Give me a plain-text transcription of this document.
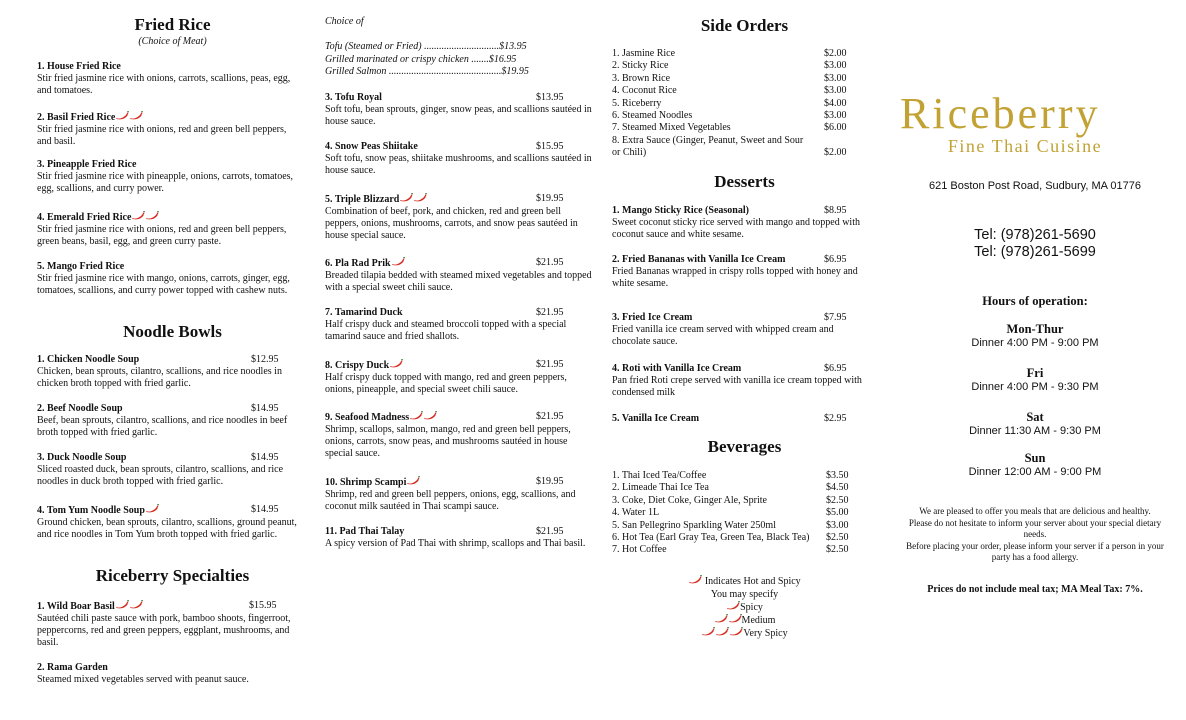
Fried Rice
(Choice of Meat)
1. House Fried Rice
Stir fried jasmine rice with onions, carrots, scallions, peas, egg, and tomatoes.
2. Basil Fried Rice
Stir fried jasmine rice with onions, red and green bell peppers, and basil.
3. Pineapple Fried Rice
Stir fried jasmine rice with pineapple, onions, carrots, tomatoes, egg, scallions, and curry power.
4. Emerald Fried Rice
Stir fried jasmine rice with onions, red and green bell peppers, green beans, basil, egg, and green curry paste.
5. Mango Fried Rice
Stir fried jasmine rice with mango, onions, carrots, ginger, egg, tomatoes, scallions, and curry power topped with cashew nuts.
Noodle Bowls
1. Chicken Noodle Soup	$12.95
Chicken, bean sprouts, cilantro, scallions, and rice noodles in chicken broth topped with fried garlic.
2. Beef Noodle Soup	$14.95
Beef, bean sprouts, cilantro, scallions, and rice noodles in beef broth topped with fried garlic.
3. Duck Noodle Soup	$14.95
Sliced roasted duck, bean sprouts, cilantro, scallions, and rice noodles in duck broth topped with fried garlic.
4. Tom Yum Noodle Soup	$14.95
Ground chicken, bean sprouts, cilantro, scallions, ground peanut, and rice noodles in Tom Yum broth topped with fried garlic.
Riceberry Specialties
1. Wild Boar Basil	$15.95
Sautéed chili paste sauce with pork, bamboo shoots, fingerroot, peppercorns, red and green peppers, eggplant, mushrooms, and basil.
2. Rama Garden
Steamed mixed vegetables served with peanut sauce.
Choice of
Tofu (Steamed or Fried) ..............................$13.95
Grilled marinated or crispy chicken .......$16.95
Grilled Salmon .............................................$19.95
3. Tofu Royal	$13.95
Soft tofu, bean sprouts, ginger, snow peas, and scallions sautéed in house sauce.
4. Snow Peas Shiitake	$15.95
Soft tofu, snow peas, shiitake mushrooms, and scallions sautéed in house sauce.
5. Triple Blizzard	$19.95
Combination of beef, pork, and chicken, red and green bell peppers, onions, mushrooms, carrots, and snow peas sautéed in house special sauce.
6. Pla Rad Prik	$21.95
Breaded tilapia bedded with steamed mixed vegetables and topped with a special sweet chili sauce.
7. Tamarind Duck	$21.95
Half crispy duck and steamed broccoli topped with a special tamarind sauce and fried shallots.
8. Crispy Duck	$21.95
Half crispy duck topped with mango, red and green peppers, onions, pineapple, and special sweet chili sauce.
9. Seafood Madness	$21.95
Shrimp, scallops, salmon, mango, red and green bell peppers, onions, carrots, snow peas, and mushrooms sautéed in house special sauce.
10. Shrimp Scampi	$19.95
Shrimp, red and green bell peppers, onions, egg, scallions, and coconut milk sautéed in Thai scampi sauce.
11. Pad Thai Talay	$21.95
A spicy version of Pad Thai with shrimp, scallops and Thai basil.
Side Orders
1. Jasmine Rice	$2.00
2. Sticky Rice	$3.00
3. Brown Rice	$3.00
4. Coconut Rice	$3.00
5. Riceberry	$4.00
6. Steamed Noodles	$3.00
7. Steamed Mixed Vegetables	$6.00
8. Extra Sauce (Ginger, Peanut, Sweet and Sour
or Chili)	$2.00
Desserts
1. Mango Sticky Rice (Seasonal)	$8.95
Sweet coconut sticky rice served with mango and topped with coconut sauce and white sesame.
2. Fried Bananas with Vanilla Ice Cream	$6.95
Fried Bananas wrapped in crispy rolls topped with honey and white sesame.
3. Fried Ice Cream	$7.95
Fried vanilla ice cream served with whipped cream and chocolate sauce.
4. Roti with Vanilla Ice Cream	$6.95
Pan fried Roti crepe served with vanilla ice cream topped with condensed milk
5. Vanilla Ice Cream	$2.95
Beverages
1. Thai Iced Tea/Coffee	$3.50
2. Limeade Thai Ice Tea	$4.50
3. Coke, Diet Coke, Ginger Ale, Sprite	$2.50
4. Water 1L	$5.00
5. San Pellegrino Sparkling Water 250ml	$3.00
6. Hot Tea (Earl Gray Tea, Green Tea, Black Tea) $2.50
7. Hot Coffee	$2.50
Indicates Hot and Spicy
You may specify
Spicy
Medium
Very Spicy
Riceberry
Fine Thai Cuisine
621 Boston Post Road, Sudbury, MA 01776
Tel: (978)261-5690
Tel: (978)261-5699
Hours of operation:
Mon-Thur
Dinner 4:00 PM - 9:00 PM
Fri
Dinner 4:00 PM - 9:30 PM
Sat
Dinner 11:30 AM - 9:30 PM
Sun
Dinner 12:00 AM - 9:00 PM
We are pleased to offer you meals that are delicious and healthy.
Please do not hesitate to inform your server about your special dietary needs.
Before placing your order, please inform your server if a person in your party has a food allergy.
Prices do not include meal tax; MA Meal Tax: 7%.
